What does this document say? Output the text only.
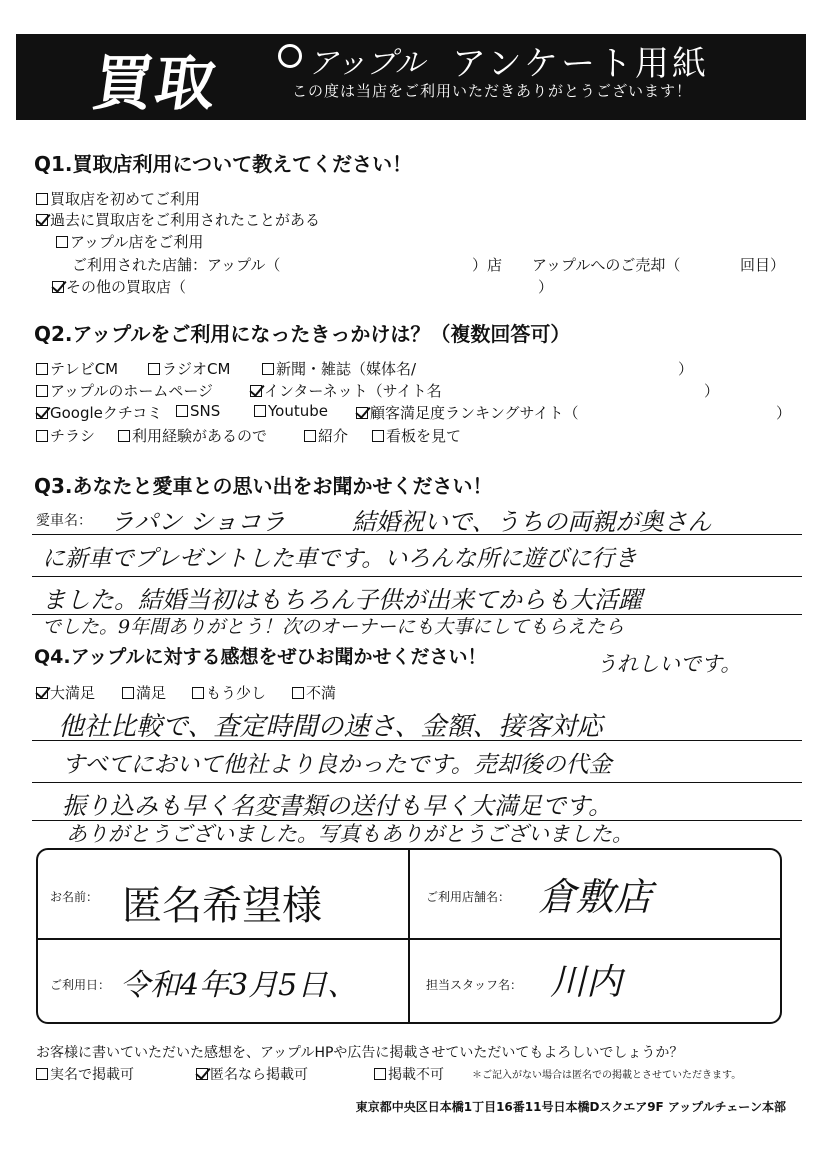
買取	アップル アンケート用紙
この度は当店をご利用いただきありがとうございます！
Q1.買取店利用について教えてください！
買取店を初めてご利用
過去に買取店をご利用されたことがある
アップル店をご利用
ご利用された店舗：アップル（	）店 アップルへのご売却（	回目）
その他の買取店（	）
Q2.アップルをご利用になったきっかけは？（複数回答可）
テレビCM	ラジオCM	新聞・雑誌（媒体名/	）
アップルのホームページ	インターネット（サイト名	）
Googleクチコミ	SNS	Youtube	顧客満足度ランキングサイト（	）
チラシ	利用経験があるので	紹介	看板を見て
Q3.あなたと愛車との思い出をお聞かせください！
愛車名： ラパン ショコラ	結婚祝いで、うちの両親が奥さん
に新車でプレゼントした車です。いろんな所に遊びに行き
ました。結婚当初はもちろん子供が出来てからも大活躍
でした。9年間ありがとう！次のオーナーにも大事にしてもらえたら
うれしいです。
Q4.アップルに対する感想をぜひお聞かせください！
大満足	満足	もう少し	不満
他社比較で、査定時間の速さ、金額、接客対応
すべてにおいて他社より良かったです。売却後の代金
振り込みも早く名変書類の送付も早く大満足です。
ありがとうございました。写真もありがとうございました。
お名前： 匿名希望様	ご利用店舗名： 倉敷店
ご利用日： 令和4年3月5日、	担当スタッフ名： 川内
お客様に書いていただいた感想を、アップルHPや広告に掲載させていただいてもよろしいでしょうか？
実名で掲載可	匿名なら掲載可	掲載不可	＊ご記入がない場合は匿名での掲載とさせていただきます。
東京都中央区日本橋1丁目16番11号日本橋Dスクエア9F アップルチェーン本部
